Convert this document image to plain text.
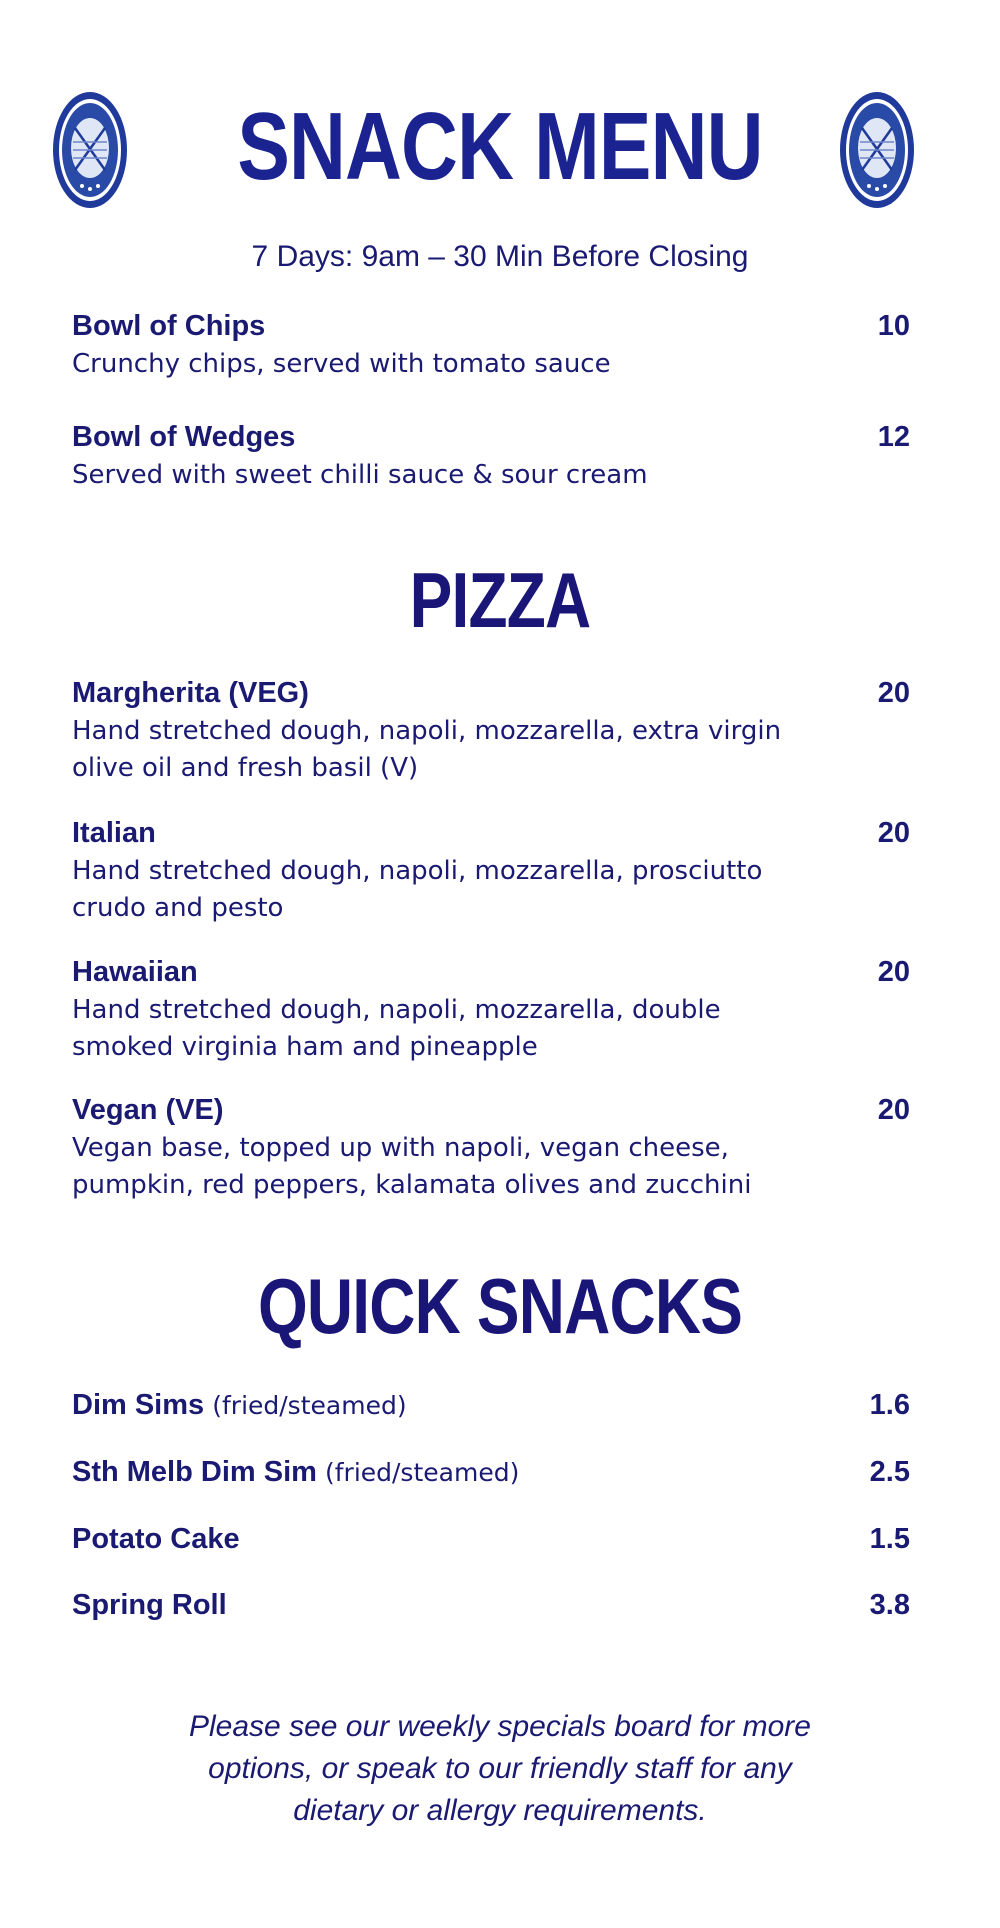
SNACK MENU
7 Days: 9am – 30 Min Before Closing
Bowl of Chips	10
Crunchy chips, served with tomato sauce
Bowl of Wedges	12
Served with sweet chilli sauce & sour cream
PIZZA
Margherita (VEG)	20
Hand stretched dough, napoli, mozzarella, extra virgin
olive oil and fresh basil (V)
Italian	20
Hand stretched dough, napoli, mozzarella, prosciutto
crudo and pesto
Hawaiian	20
Hand stretched dough, napoli, mozzarella, double
smoked virginia ham and pineapple
Vegan (VE)	20
Vegan base, topped up with napoli, vegan cheese,
pumpkin, red peppers, kalamata olives and zucchini
QUICK SNACKS
Dim Sims (fried/steamed)	1.6
Sth Melb Dim Sim (fried/steamed)	2.5
Potato Cake	1.5
Spring Roll	3.8
Please see our weekly specials board for more
options, or speak to our friendly staff for any
dietary or allergy requirements.
